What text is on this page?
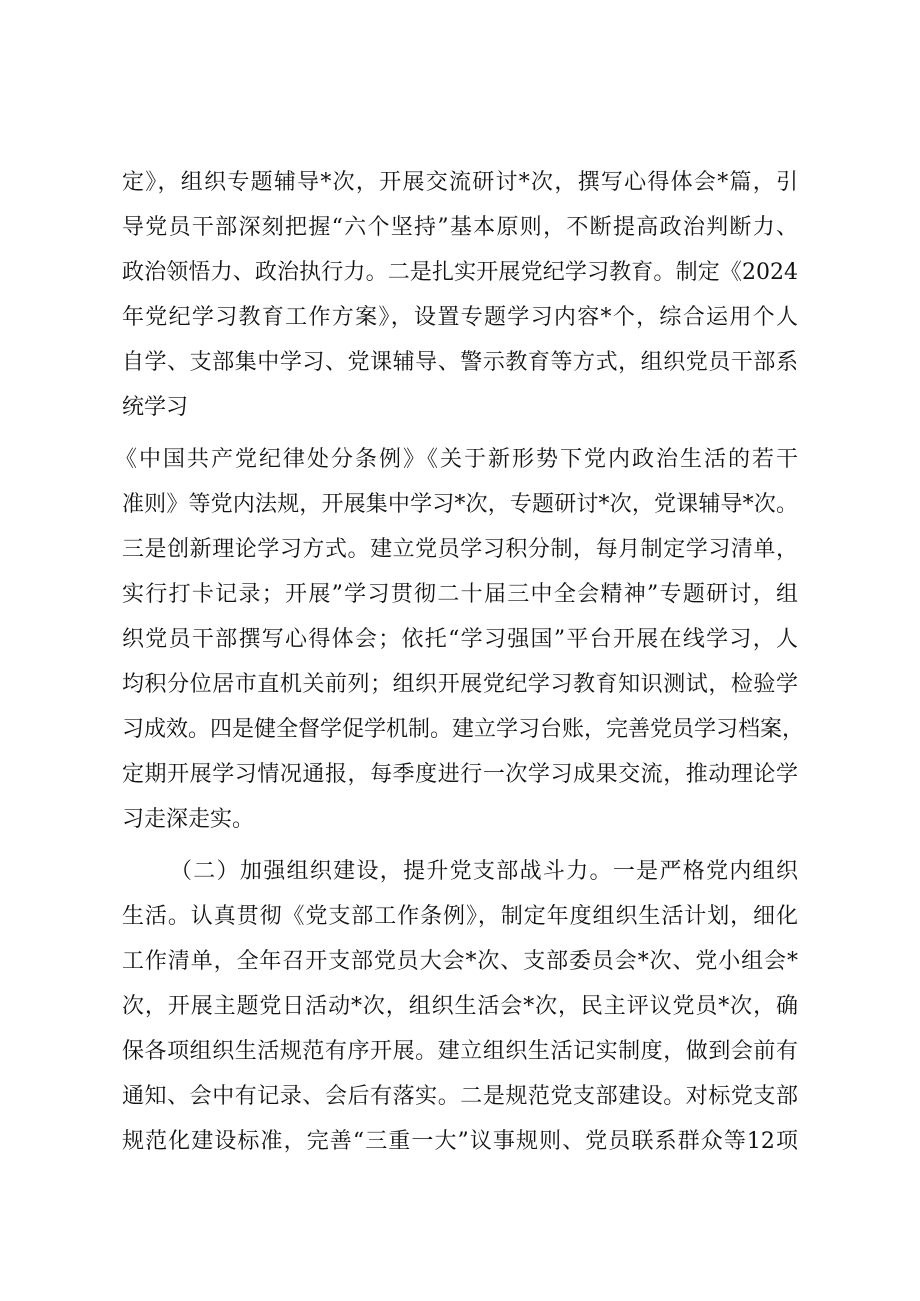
定》，组织专题辅导*次，开展交流研讨*次，撰写心得体会*篇，引
导党员干部深刻把握“六个坚持”基本原则，不断提高政治判断力、
政治领悟力、政治执行力。二是扎实开展党纪学习教育。制定《2024
年党纪学习教育工作方案》，设置专题学习内容*个，综合运用个人
自学、支部集中学习、党课辅导、警示教育等方式，组织党员干部系
统学习
《中国共产党纪律处分条例》《关于新形势下党内政治生活的若干
准则》等党内法规，开展集中学习*次，专题研讨*次，党课辅导*次。
三是创新理论学习方式。建立党员学习积分制，每月制定学习清单，
实行打卡记录；开展”学习贯彻二十届三中全会精神”专题研讨，组
织党员干部撰写心得体会；依托“学习强国”平台开展在线学习，人
均积分位居市直机关前列；组织开展党纪学习教育知识测试，检验学
习成效。四是健全督学促学机制。建立学习台账，完善党员学习档案，
定期开展学习情况通报，每季度进行一次学习成果交流，推动理论学
习走深走实。
（二）加强组织建设，提升党支部战斗力。一是严格党内组织
生活。认真贯彻《党支部工作条例》，制定年度组织生活计划，细化
工作清单，全年召开支部党员大会*次、支部委员会*次、党小组会*
次，开展主题党日活动*次，组织生活会*次，民主评议党员*次，确
保各项组织生活规范有序开展。建立组织生活记实制度，做到会前有
通知、会中有记录、会后有落实。二是规范党支部建设。对标党支部
规范化建设标准，完善“三重一大”议事规则、党员联系群众等12项
